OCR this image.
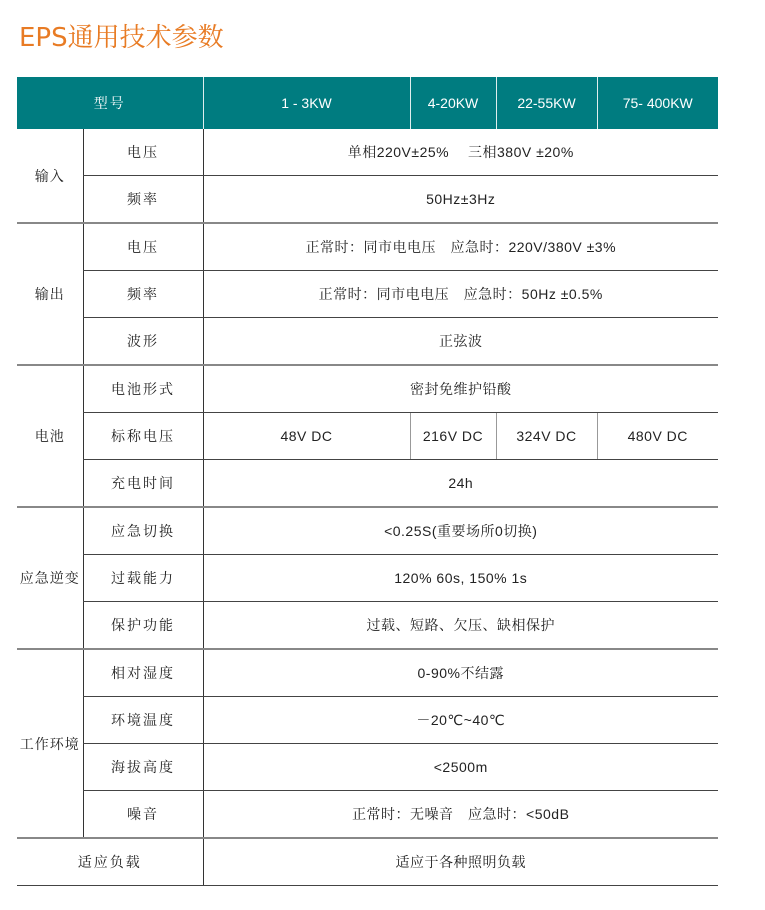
EPS通用技术参数
型号		1 - 3KW	4-20KW	22-55KW	75- 400KW
输入	电压	单相220V±25%　 三相380V ±20%			
	频率	50Hz±3Hz			
输出	电压	正常时：同市电电压　应急时：220V/380V ±3%			
	频率	正常时：同市电电压　应急时：50Hz ±0.5%			
	波形	正弦波			
电池	电池形式	密封免维护铅酸			
	标称电压	48V DC	216V DC	324V DC	480V DC
	充电时间	24h			
应急逆变	应急切换	<0.25S(重要场所0切换)			
	过载能力	120% 60s, 150% 1s			
	保护功能	过载、短路、欠压、缺相保护			
工作环境	相对湿度	0-90%不结露			
	环境温度	－20℃~40℃			
	海拔高度	<2500m			
	噪音	正常时：无噪音　应急时：<50dB			
适应负载		适应于各种照明负载			
